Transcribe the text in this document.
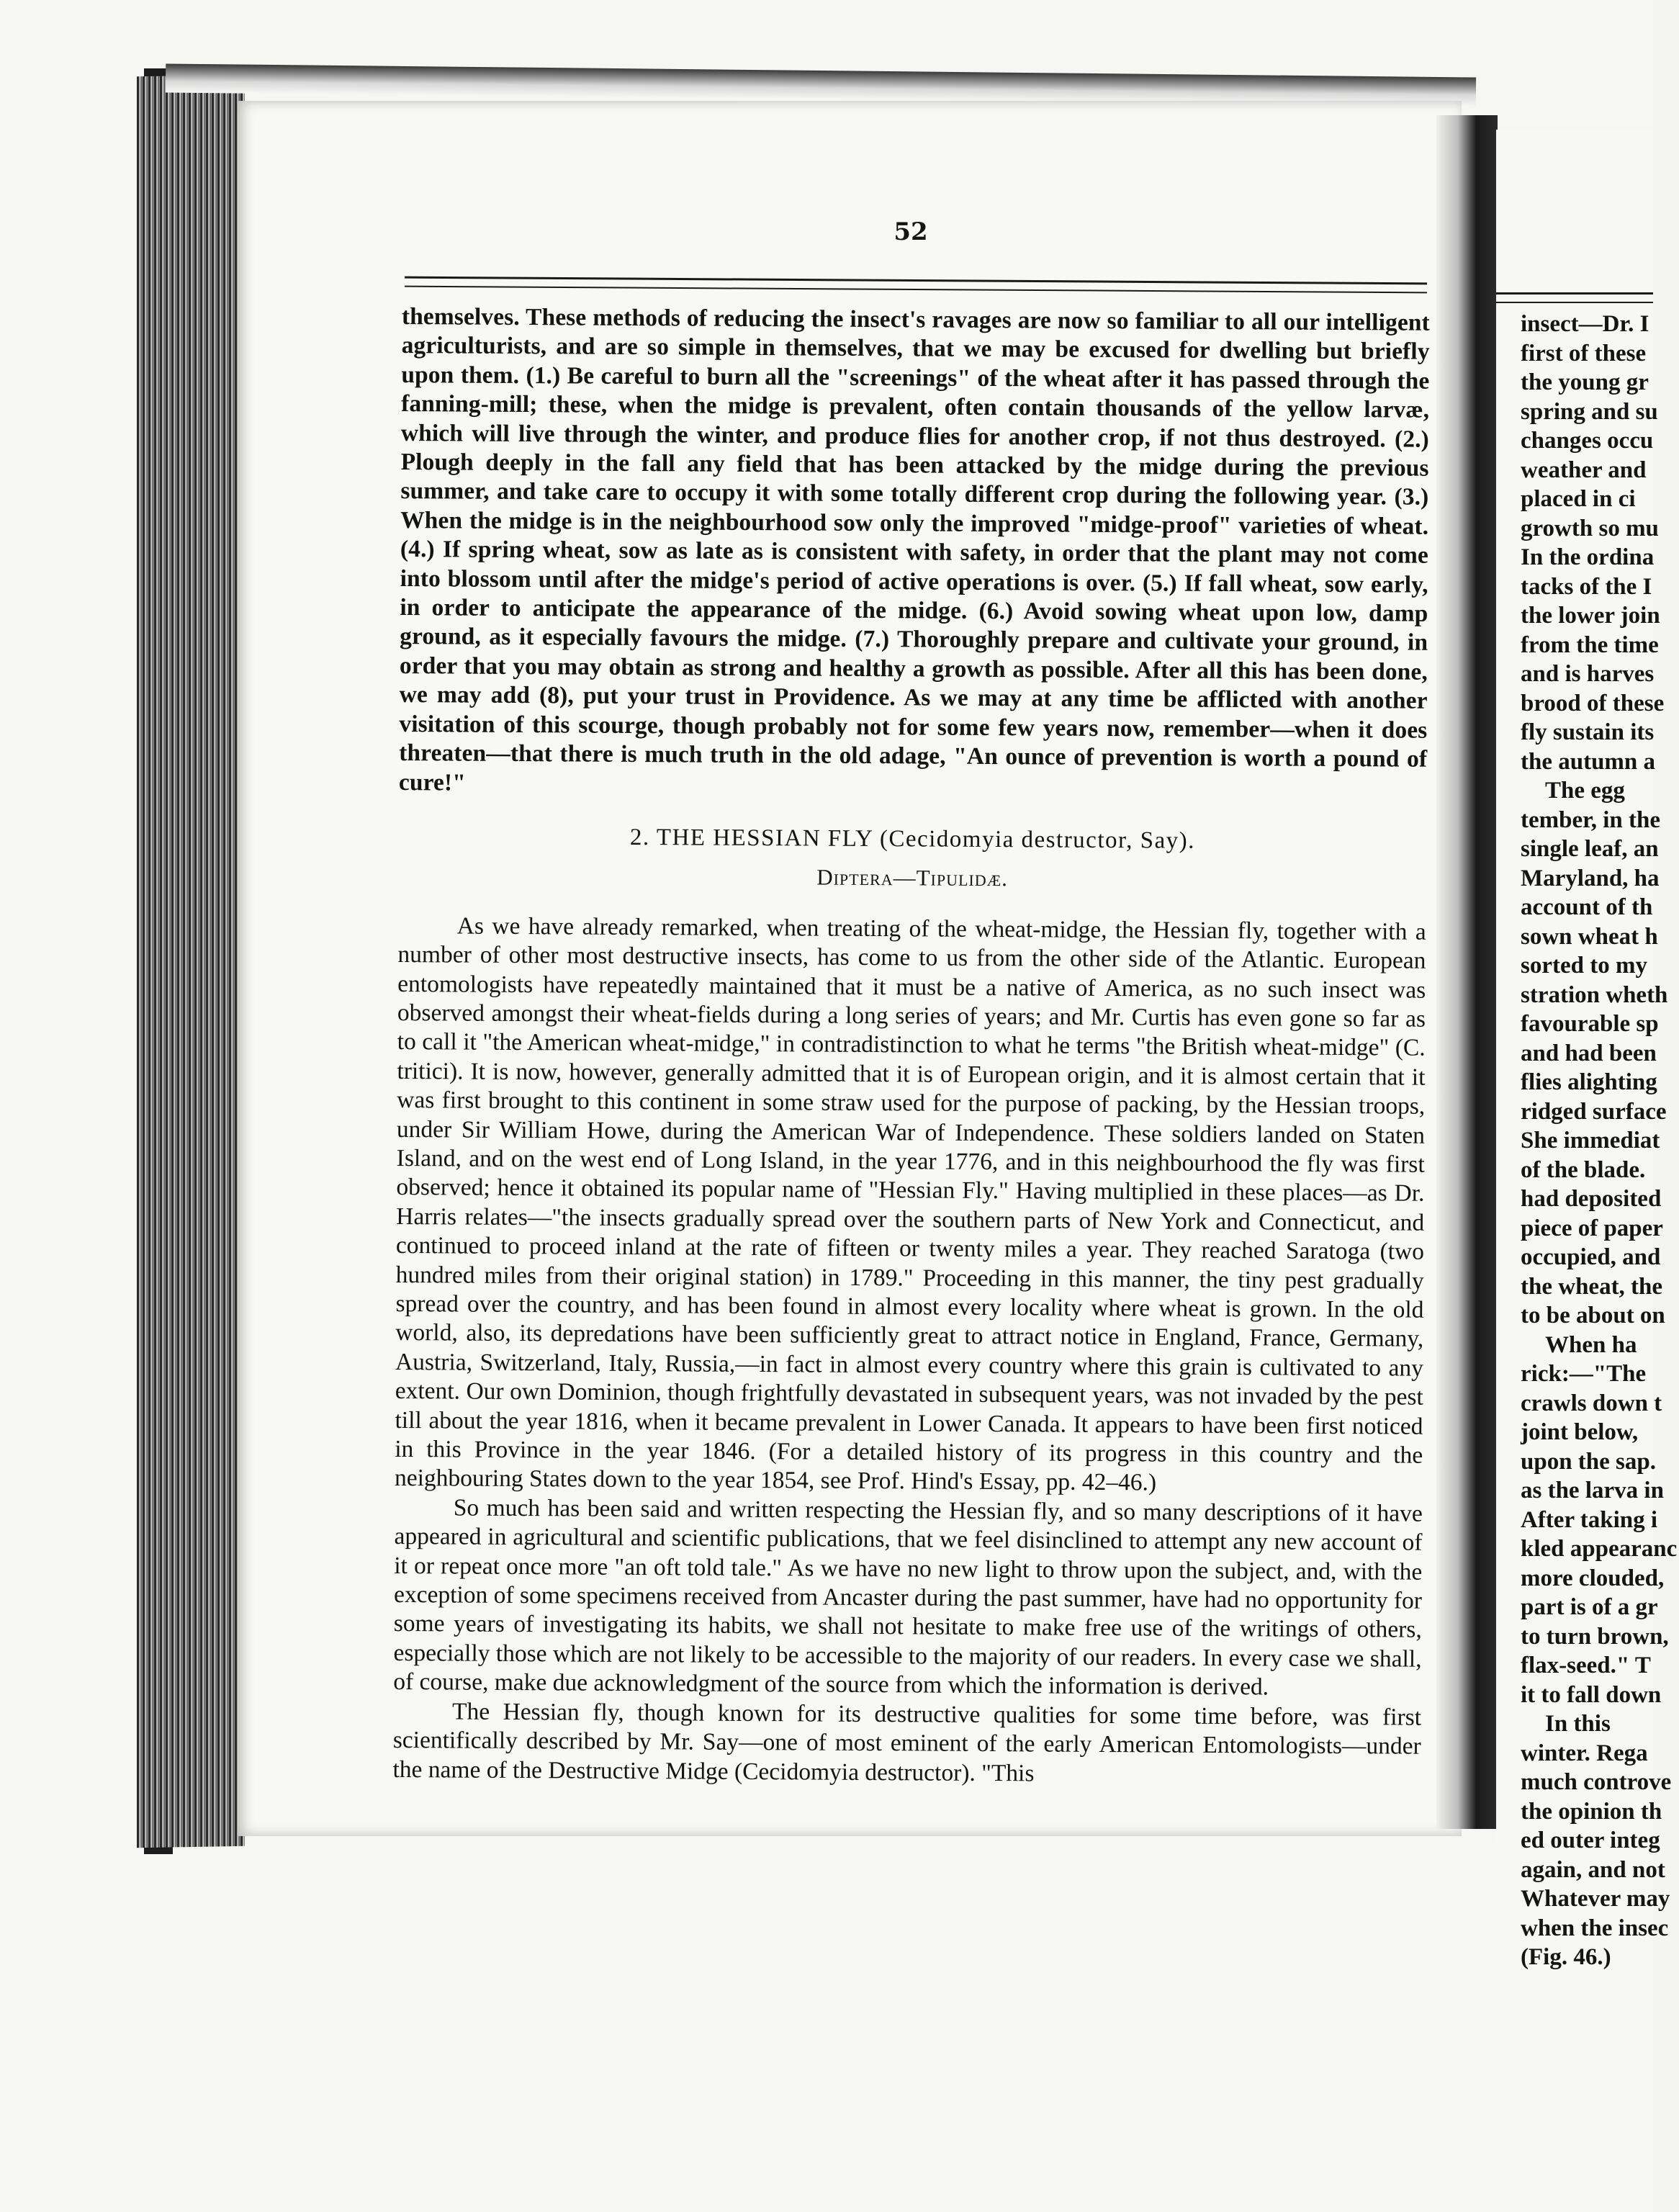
52

themselves. These methods of reducing the insect's ravages are now so familiar to all our intelligent agriculturists, and are so simple in themselves, that we may be excused for dwelling but briefly upon them. (1.) Be careful to burn all the "screenings" of the wheat after it has passed through the fanning-mill; these, when the midge is prevalent, often contain thousands of the yellow larvæ, which will live through the winter, and produce flies for another crop, if not thus destroyed. (2.) Plough deeply in the fall any field that has been attacked by the midge during the previous summer, and take care to occupy it with some totally different crop during the following year. (3.) When the midge is in the neighbourhood sow only the improved "midge-proof" varieties of wheat. (4.) If spring wheat, sow as late as is consistent with safety, in order that the plant may not come into blossom until after the midge's period of active operations is over. (5.) If fall wheat, sow early, in order to anticipate the appearance of the midge. (6.) Avoid sowing wheat upon low, damp ground, as it especially favours the midge. (7.) Thoroughly prepare and cultivate your ground, in order that you may obtain as strong and healthy a growth as possible. After all this has been done, we may add (8), put your trust in Providence. As we may at any time be afflicted with another visitation of this scourge, though probably not for some few years now, remember—when it does threaten—that there is much truth in the old adage, "An ounce of prevention is worth a pound of cure!"

2. THE HESSIAN FLY (Cecidomyia destructor, Say).

Diptera—Tipulidæ.

As we have already remarked, when treating of the wheat-midge, the Hessian fly, together with a number of other most destructive insects, has come to us from the other side of the Atlantic. European entomologists have repeatedly maintained that it must be a native of America, as no such insect was observed amongst their wheat-fields during a long series of years; and Mr. Curtis has even gone so far as to call it "the American wheat-midge," in contradistinction to what he terms "the British wheat-midge" (C. tritici). It is now, however, generally admitted that it is of European origin, and it is almost certain that it was first brought to this continent in some straw used for the purpose of packing, by the Hessian troops, under Sir William Howe, during the American War of Independence. These soldiers landed on Staten Island, and on the west end of Long Island, in the year 1776, and in this neighbourhood the fly was first observed; hence it obtained its popular name of "Hessian Fly." Having multiplied in these places—as Dr. Harris relates—"the insects gradually spread over the southern parts of New York and Connecticut, and continued to proceed inland at the rate of fifteen or twenty miles a year. They reached Saratoga (two hundred miles from their original station) in 1789." Proceeding in this manner, the tiny pest gradually spread over the country, and has been found in almost every locality where wheat is grown. In the old world, also, its depredations have been sufficiently great to attract notice in England, France, Germany, Austria, Switzerland, Italy, Russia,—in fact in almost every country where this grain is cultivated to any extent. Our own Dominion, though frightfully devastated in subsequent years, was not invaded by the pest till about the year 1816, when it became prevalent in Lower Canada. It appears to have been first noticed in this Province in the year 1846. (For a detailed history of its progress in this country and the neighbouring States down to the year 1854, see Prof. Hind's Essay, pp. 42–46.)

So much has been said and written respecting the Hessian fly, and so many descriptions of it have appeared in agricultural and scientific publications, that we feel disinclined to attempt any new account of it or repeat once more "an oft told tale." As we have no new light to throw upon the subject, and, with the exception of some specimens received from Ancaster during the past summer, have had no opportunity for some years of investigating its habits, we shall not hesitate to make free use of the writings of others, especially those which are not likely to be accessible to the majority of our readers. In every case we shall, of course, make due acknowledgment of the source from which the information is derived.

The Hessian fly, though known for its destructive qualities for some time before, was first scientifically described by Mr. Say—one of most eminent of the early American Entomologists—under the name of the Destructive Midge (Cecidomyia destructor). "This

insect—Dr. I
first of these
the young gr
spring and su
changes occu
weather and
placed in ci
growth so mu
In the ordina
tacks of the I
the lower join
from the time
and is harves
brood of these
fly sustain its
the autumn a
The egg
tember, in the
single leaf, an
Maryland, ha
account of th
sown wheat h
sorted to my
stration wheth
favourable sp
and had been
flies alighting
ridged surface
She immediat
of the blade.
had deposited
piece of paper
occupied, and
the wheat, the
to be about on
When ha
rick:—"The
crawls down t
joint below,
upon the sap.
as the larva in
After taking i
kled appearanc
more clouded,
part is of a gr
to turn brown,
flax-seed." T
it to fall down
In this
winter. Rega
much controve
the opinion th
ed outer integ
again, and not
Whatever may
when the insec
(Fig. 46.)
